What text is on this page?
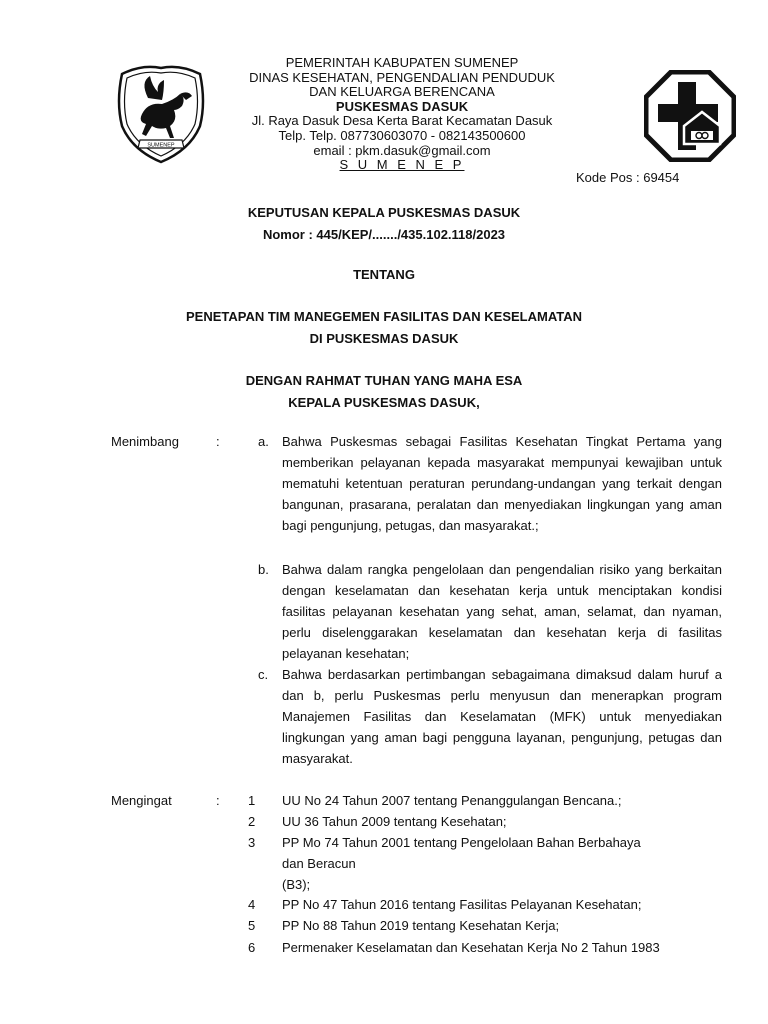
SUMENEP
PEMERINTAH KABUPATEN SUMENEP
DINAS KESEHATAN, PENGENDALIAN PENDUDUK
DAN KELUARGA BERENCANA
PUSKESMAS DASUK
Jl. Raya Dasuk Desa Kerta Barat Kecamatan Dasuk
Telp. Telp. 087730603070 - 082143500600
email : pkm.dasuk@gmail.com
S U M E N E P
Kode Pos : 69454
KEPUTUSAN KEPALA PUSKESMAS DASUK
Nomor : 445/KEP/......./435.102.118/2023
TENTANG
PENETAPAN TIM MANEGEMEN FASILITAS DAN KESELAMATAN
DI PUSKESMAS DASUK
DENGAN RAHMAT TUHAN YANG MAHA ESA
KEPALA PUSKESMAS DASUK,
Menimbang	:	a. Bahwa Puskesmas sebagai Fasilitas Kesehatan Tingkat Pertama yang memberikan pelayanan kepada masyarakat mempunyai kewajiban untuk mematuhi ketentuan peraturan perundang-undangan yang terkait dengan bangunan, prasarana, peralatan dan menyediakan lingkungan yang aman bagi pengunjung, petugas, dan masyarakat.;
b. Bahwa dalam rangka pengelolaan dan pengendalian risiko yang berkaitan dengan keselamatan dan kesehatan kerja untuk menciptakan kondisi fasilitas pelayanan kesehatan yang sehat, aman, selamat, dan nyaman, perlu diselenggarakan keselamatan dan kesehatan kerja di fasilitas pelayanan kesehatan;
c. Bahwa berdasarkan pertimbangan sebagaimana dimaksud dalam huruf a dan b, perlu Puskesmas perlu menyusun dan menerapkan program Manajemen Fasilitas dan Keselamatan (MFK) untuk menyediakan lingkungan yang aman bagi pengguna layanan, pengunjung, petugas dan masyarakat.
Mengingat	: 1 UU No 24 Tahun 2007 tentang Penanggulangan Bencana.;
2 UU 36 Tahun 2009 tentang Kesehatan;
3 PP Mo 74 Tahun 2001 tentang Pengelolaan Bahan Berbahaya
dan Beracun
(B3);
4 PP No 47 Tahun 2016 tentang Fasilitas Pelayanan Kesehatan;
5 PP No 88 Tahun 2019 tentang Kesehatan Kerja;
6 Permenaker Keselamatan dan Kesehatan Kerja No 2 Tahun 1983
